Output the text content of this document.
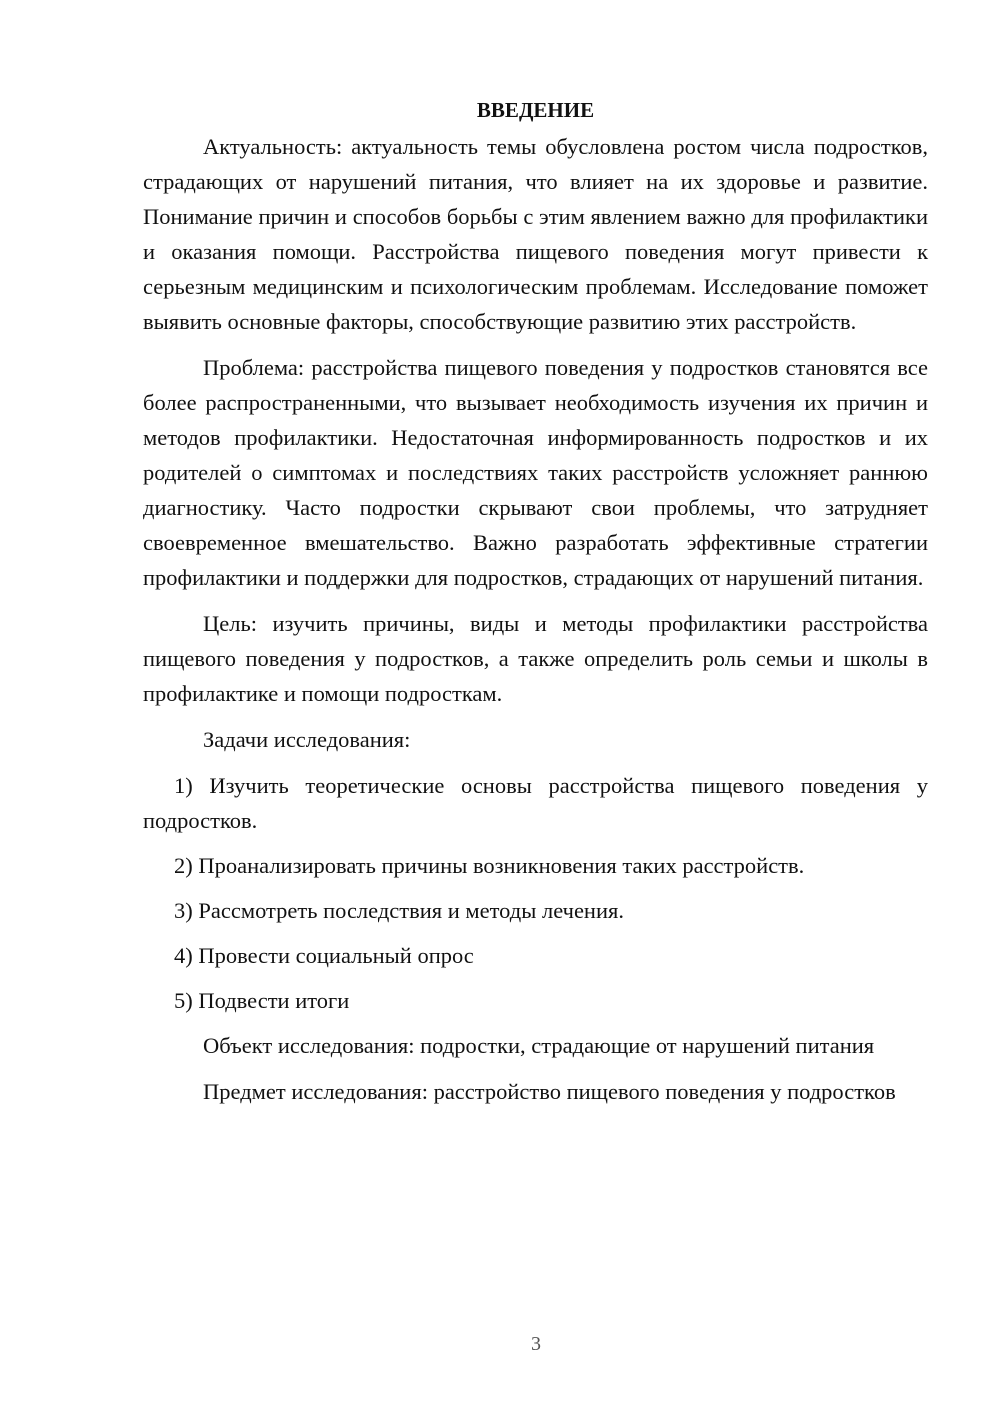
ВВЕДЕНИЕ

Актуальность: актуальность темы обусловлена ростом числа подростков, страдающих от нарушений питания, что влияет на их здоровье и развитие. Понимание причин и способов борьбы с этим явлением важно для профилактики и оказания помощи. Расстройства пищевого поведения могут привести к серьезным медицинским и психологическим проблемам. Исследование поможет выявить основные факторы, способствующие развитию этих расстройств.

Проблема: расстройства пищевого поведения у подростков становятся все более распространенными, что вызывает необходимость изучения их причин и методов профилактики. Недостаточная информированность подростков и их родителей о симптомах и последствиях таких расстройств усложняет раннюю диагностику. Часто подростки скрывают свои проблемы, что затрудняет своевременное вмешательство. Важно разработать эффективные стратегии профилактики и поддержки для подростков, страдающих от нарушений питания.

Цель: изучить причины, виды и методы профилактики расстройства пищевого поведения у подростков, а также определить роль семьи и школы в профилактике и помощи подросткам.

Задачи исследования:

1) Изучить теоретические основы расстройства пищевого поведения у подростков.

2) Проанализировать причины возникновения таких расстройств.

3) Рассмотреть последствия и методы лечения.

4) Провести социальный опрос

5) Подвести итоги

Объект исследования: подростки, страдающие от нарушений питания

Предмет исследования: расстройство пищевого поведения у подростков

3
